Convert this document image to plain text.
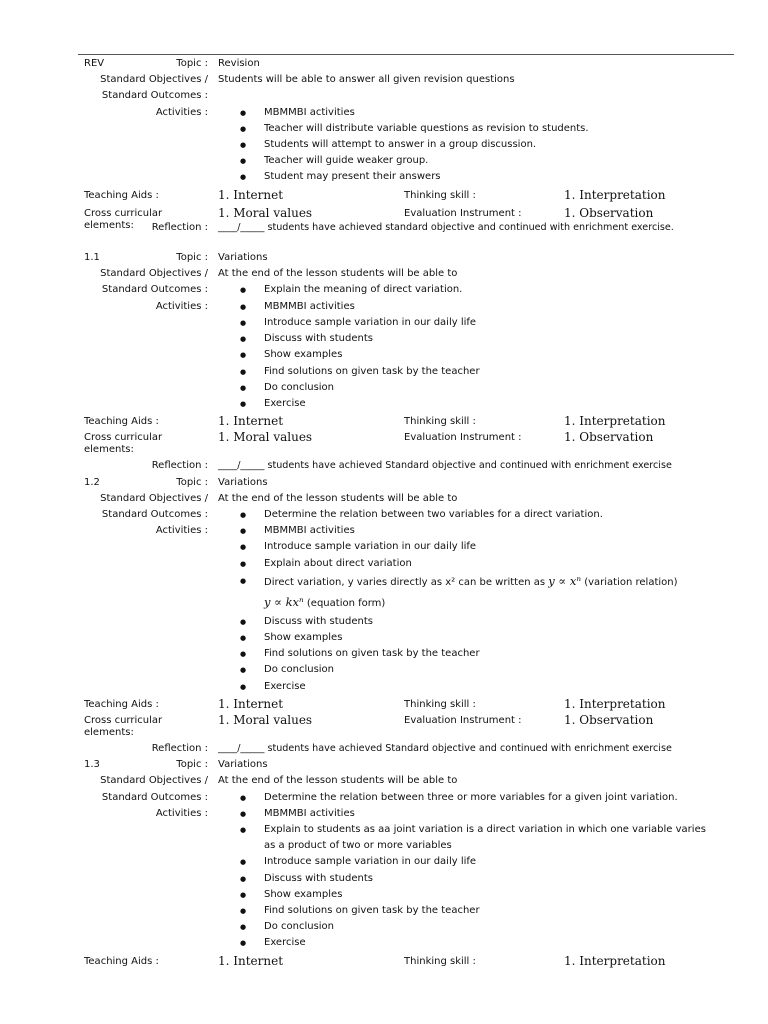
REV	Topic : Revision
Standard Objectives / Students will be able to answer all given revision questions
Standard Outcomes :
Activities :	● MBMMBI activities
● Teacher will distribute variable questions as revision to students.
● Students will attempt to answer in a group discussion.
● Teacher will guide weaker group.
● Student may present their answers
Teaching Aids :	1. Internet	Thinking skill :	1. Interpretation
Cross curricular	1. Moral values	Evaluation Instrument :	1. Observation
elements:	Reflection : ____/_____ students have achieved standard objective and continued with enrichment exercise.
1.1	Topic : Variations
Standard Objectives / At the end of the lesson students will be able to
Standard Outcomes :	● Explain the meaning of direct variation.
Activities :	● MBMMBI activities
● Introduce sample variation in our daily life
● Discuss with students
● Show examples
● Find solutions on given task by the teacher
● Do conclusion
● Exercise
Teaching Aids :	1. Internet	Thinking skill :	1. Interpretation
Cross curricular	1. Moral values	Evaluation Instrument :	1. Observation
elements:
Reflection : ____/_____ students have achieved Standard objective and continued with enrichment exercise
1.2	Topic : Variations
Standard Objectives / At the end of the lesson students will be able to
Standard Outcomes :	● Determine the relation between two variables for a direct variation.
Activities :	● MBMMBI activities
● Introduce sample variation in our daily life
● Explain about direct variation
● Direct variation, y varies directly as x² can be written as y ∝ xⁿ (variation relation)
● y ∝ kxⁿ (equation form)
● Discuss with students
● Show examples
● Find solutions on given task by the teacher
● Do conclusion
● Exercise
Teaching Aids :	1. Internet	Thinking skill :	1. Interpretation
Cross curricular	1. Moral values	Evaluation Instrument :	1. Observation
elements:
Reflection : ____/_____ students have achieved Standard objective and continued with enrichment exercise
1.3	Topic : Variations
Standard Objectives / At the end of the lesson students will be able to
Standard Outcomes :	● Determine the relation between three or more variables for a given joint variation.
Activities :	● MBMMBI activities
● Explain to students as aa joint variation is a direct variation in which one variable varies
● as a product of two or more variables
● Introduce sample variation in our daily life
● Discuss with students
● Show examples
● Find solutions on given task by the teacher
● Do conclusion
● Exercise
Teaching Aids :	1. Internet	Thinking skill :	1. Interpretation
